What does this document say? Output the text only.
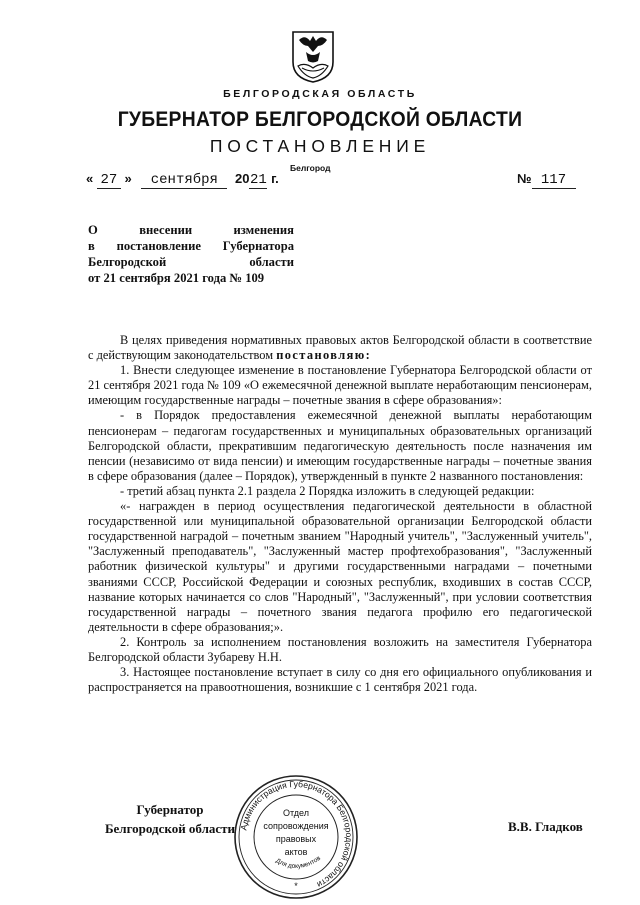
БЕЛГОРОДСКАЯ ОБЛАСТЬ
ГУБЕРНАТОР БЕЛГОРОДСКОЙ ОБЛАСТИ
ПОСТАНОВЛЕНИЕ
Белгород
« 27 » сентября 2021 г.	№ 117
О	внесении	изменения
в постановление Губернатора
Белгородской	области
от 21 сентября 2021 года № 109

В целях приведения нормативных правовых актов Белгородской области в соответствие с действующим законодательством постановляю:

1. Внести следующее изменение в постановление Губернатора Белгородской области от 21 сентября 2021 года № 109 «О ежемесячной денежной выплате неработающим пенсионерам, имеющим государственные награды – почетные звания в сфере образования»:

- в Порядок предоставления ежемесячной денежной выплаты неработающим пенсионерам – педагогам государственных и муниципальных образовательных организаций Белгородской области, прекратившим педагогическую деятельность после назначения им пенсии (независимо от вида пенсии) и имеющим государственные награды – почетные звания в сфере образования (далее – Порядок), утвержденный в пункте 2 названного постановления:

- третий абзац пункта 2.1 раздела 2 Порядка изложить в следующей редакции:

«- награжден в период осуществления педагогической деятельности в областной государственной или муниципальной образовательной организации Белгородской области государственной наградой – почетным званием "Народный учитель", "Заслуженный учитель", "Заслуженный преподаватель", "Заслуженный мастер профтехобразования", "Заслуженный работник физической культуры" и другими государственными наградами – почетными званиями СССР, Российской Федерации и союзных республик, входивших в состав СССР, название которых начинается со слов "Народный", "Заслуженный", при условии соответствия государственной награды – почетного звания педагога профилю его педагогической деятельности в сфере образования;».

2. Контроль за исполнением постановления возложить на заместителя Губернатора Белгородской области Зубареву Н.Н.

3. Настоящее постановление вступает в силу со дня его официального опубликования и распространяется на правоотношения, возникшие с 1 сентября 2021 года.

Губернатор
Белгородской области	В.В. Гладков
Администрация Губернатора Белгородской области
Отдел
сопровождения
правовых
актов
Для документов
*
